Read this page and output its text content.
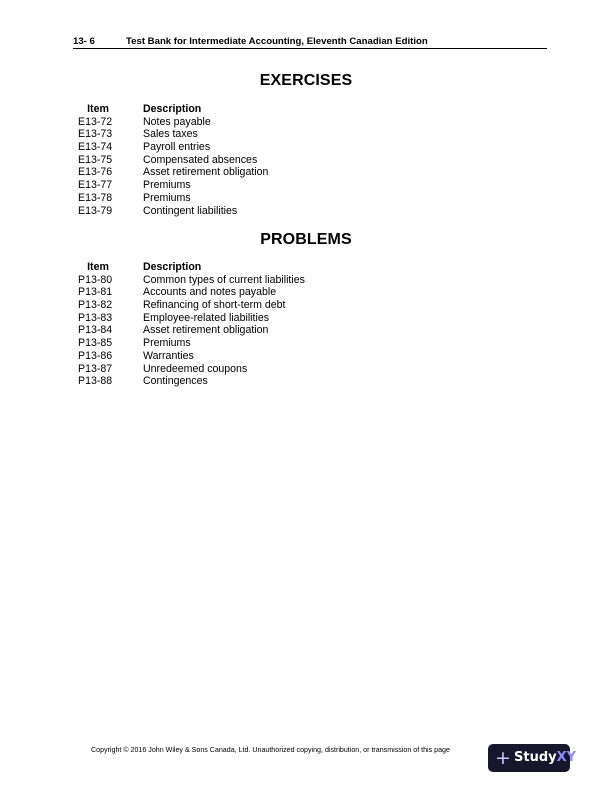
13- 6	Test Bank for Intermediate Accounting, Eleventh Canadian Edition
EXERCISES
Item	Description
E13-72	Notes payable
E13-73	Sales taxes
E13-74	Payroll entries
E13-75	Compensated absences
E13-76	Asset retirement obligation
E13-77	Premiums
E13-78	Premiums
E13-79	Contingent liabilities
PROBLEMS
Item	Description
P13-80	Common types of current liabilities
P13-81	Accounts and notes payable
P13-82	Refinancing of short-term debt
P13-83	Employee-related liabilities
P13-84	Asset retirement obligation
P13-85	Premiums
P13-86	Warranties
P13-87	Unredeemed coupons
P13-88	Contingences
Copyright © 2016 John Wiley & Sons Canada, Ltd. Unauthorized copying, distribution, or transmission of this page + StudyXY
